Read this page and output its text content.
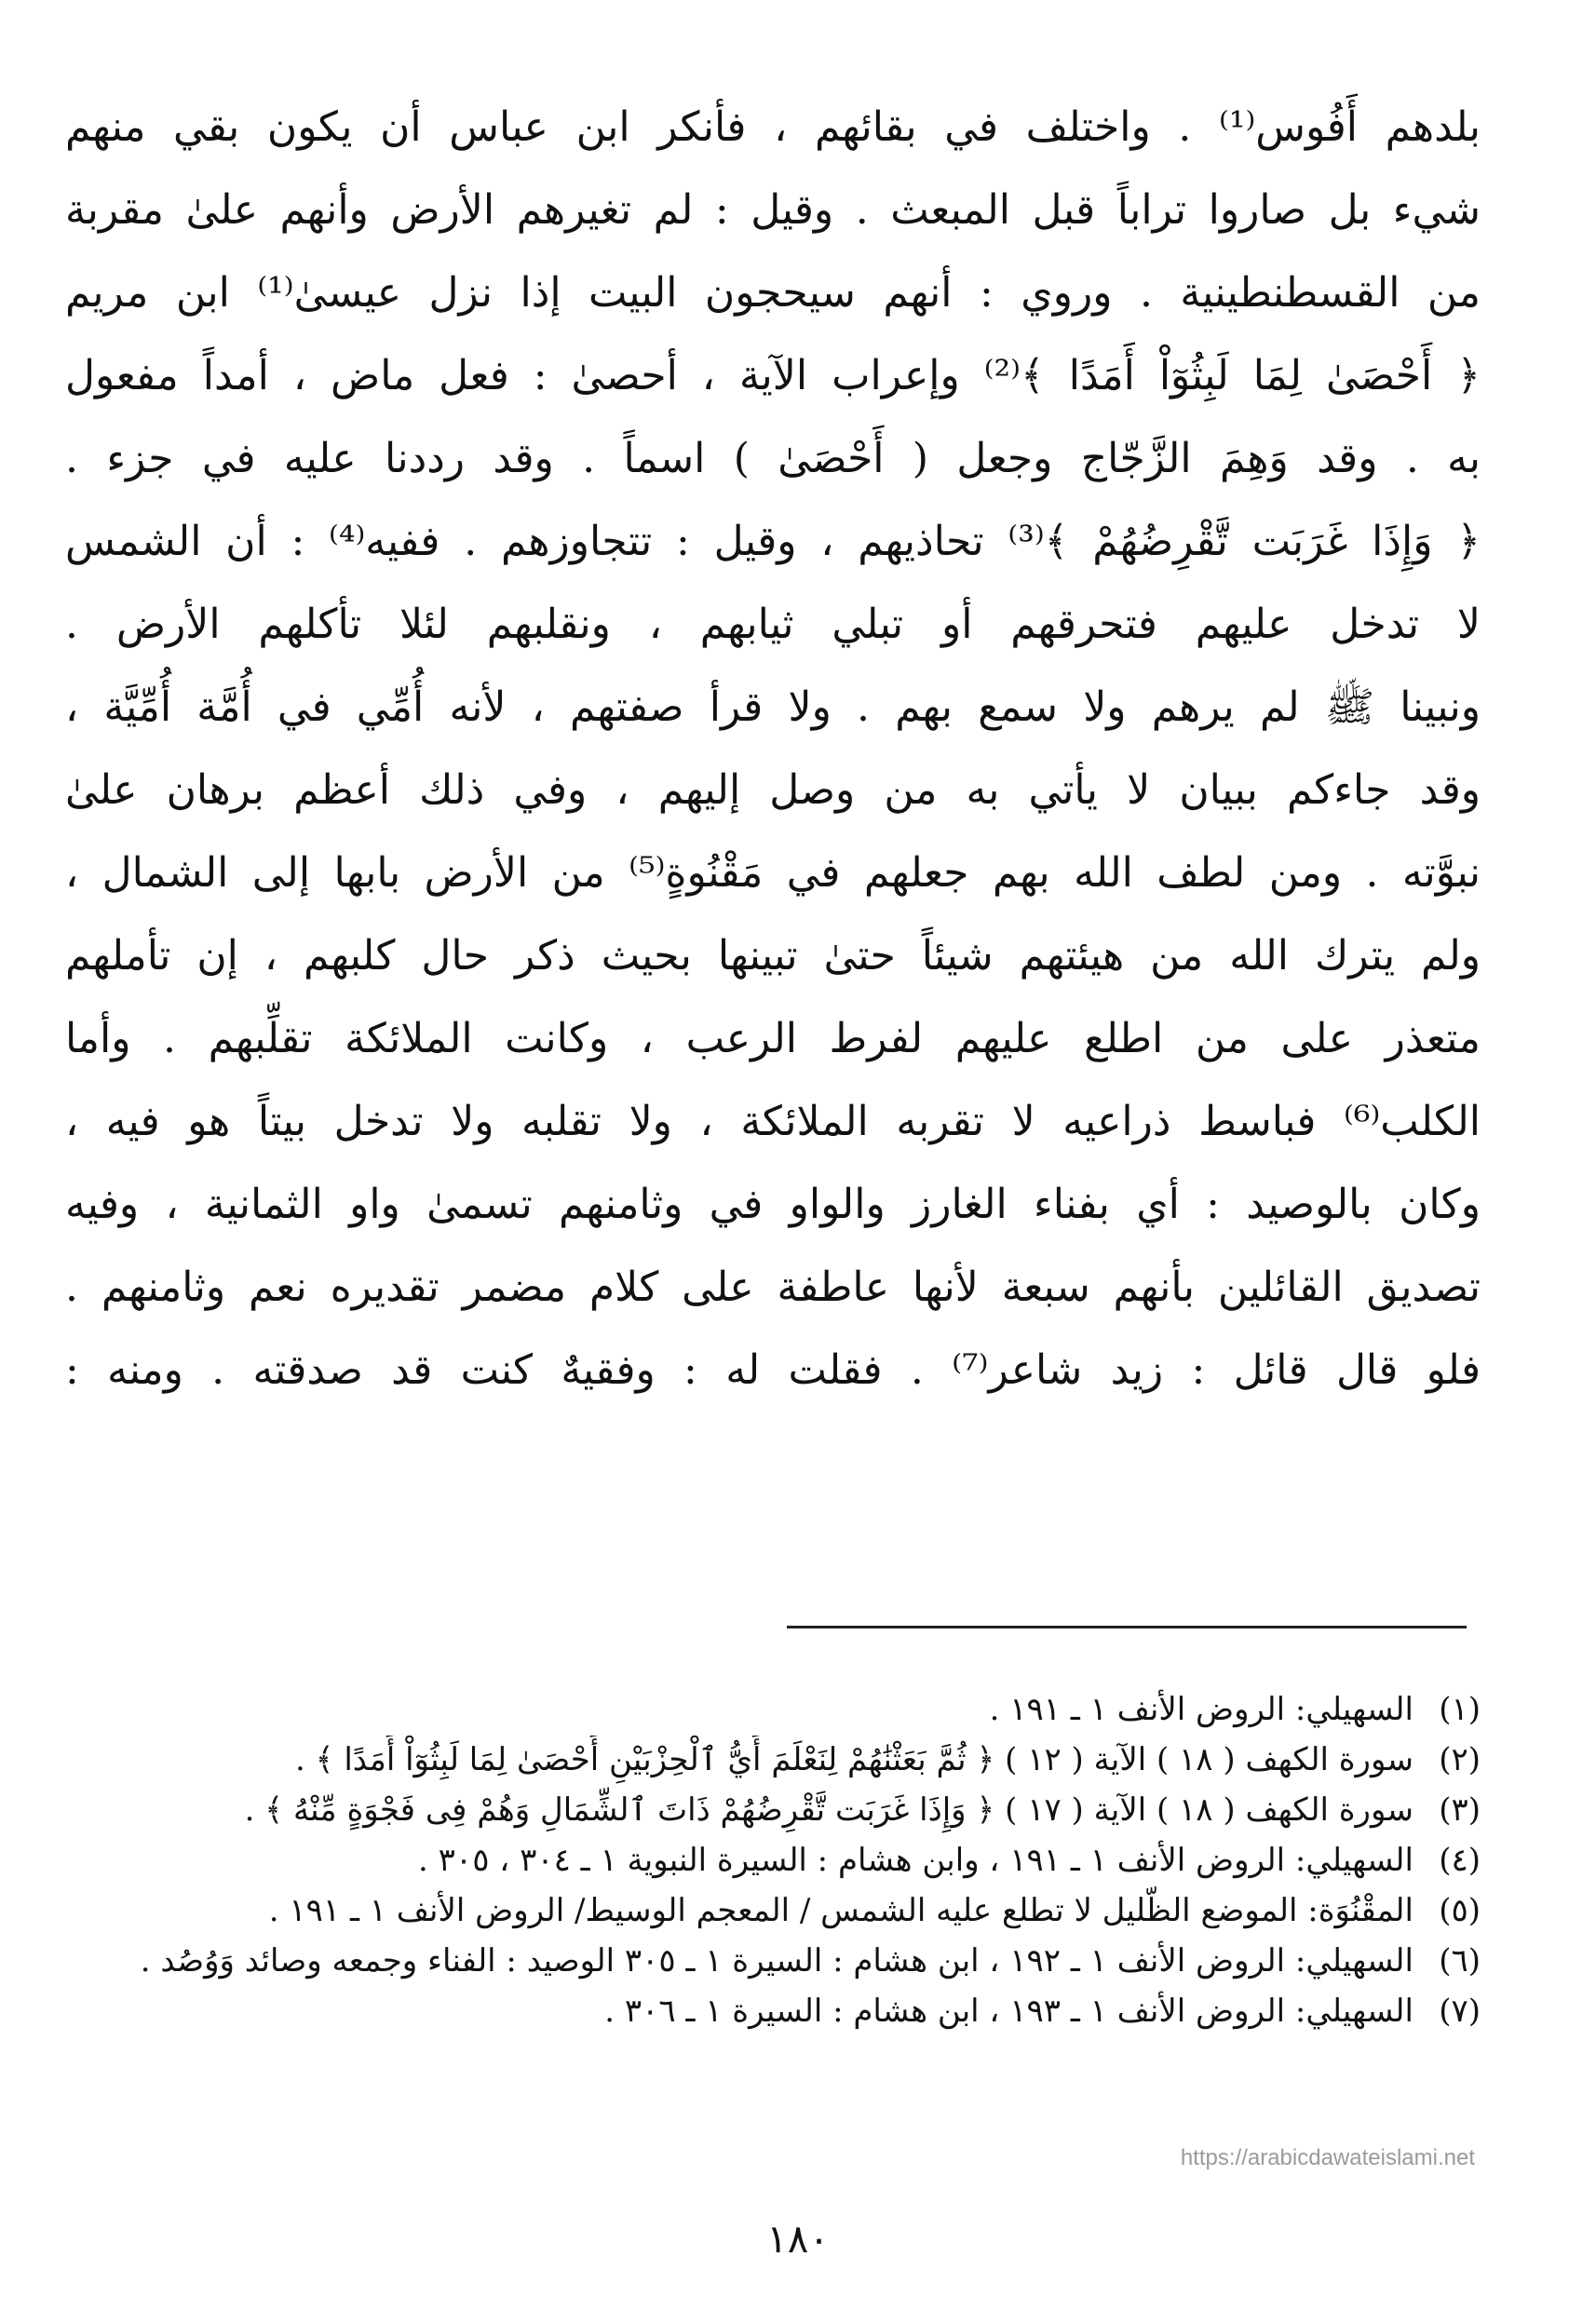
بلدهم أَفُوس⁽¹⁾ . واختلف في بقائهم ، فأنكر ابن عباس أن يكون بقي منهم
شيء بل صاروا تراباً قبل المبعث . وقيل : لم تغيرهم الأرض وأنهم علىٰ مقربة
من القسطنطينية . وروي : أنهم سيحجون البيت إذا نزل عيسىٰ⁽¹⁾ ابن مريم
﴿ أَحْصَىٰ لِمَا لَبِثُوٓاْ أَمَدًا ﴾⁽²⁾ وإعراب الآية ، أحصىٰ : فعل ماض ، أمداً مفعول
به . وقد وَهِمَ الزَّجّاج وجعل ( أَحْصَىٰ ) اسماً . وقد رددنا عليه في جزء .
﴿ وَإِذَا غَرَبَت تَّقْرِضُهُمْ ﴾⁽³⁾ تحاذيهم ، وقيل : تتجاوزهم . ففيه⁽⁴⁾ : أن الشمس
لا تدخل عليهم فتحرقهم أو تبلي ثيابهم ، ونقلبهم لئلا تأكلهم الأرض .
ونبينا ﷺ لم يرهم ولا سمع بهم . ولا قرأ صفتهم ، لأنه أُمِّي في أُمَّة أُمِّيَّة ،
وقد جاءكم ببيان لا يأتي به من وصل إليهم ، وفي ذلك أعظم برهان علىٰ
نبوَّته . ومن لطف الله بهم جعلهم في مَقْنُوةٍ⁽⁵⁾ من الأرض بابها إلى الشمال ،
ولم يترك الله من هيئتهم شيئاً حتىٰ تبينها بحيث ذكر حال كلبهم ، إن تأملهم
متعذر على من اطلع عليهم لفرط الرعب ، وكانت الملائكة تقلِّبهم . وأما
الكلب⁽⁶⁾ فباسط ذراعيه لا تقربه الملائكة ، ولا تقلبه ولا تدخل بيتاً هو فيه ،
وكان بالوصيد : أي بفناء الغارز والواو في وثامنهم تسمىٰ واو الثمانية ، وفيه
تصديق القائلين بأنهم سبعة لأنها عاطفة على كلام مضمر تقديره نعم وثامنهم .
فلو قال قائل : زيد شاعر⁽⁷⁾ . فقلت له : وفقيهٌ كنت قد صدقته . ومنه :
(١)
السهيلي: الروض الأنف ١ ـ ١٩١ .
(٢)
سورة الكهف ( ١٨ ) الآية ( ١٢ ) ﴿ ثُمَّ بَعَثْنَٰهُمْ لِنَعْلَمَ أَيُّ ٱلْحِزْبَيْنِ أَحْصَىٰ لِمَا لَبِثُوٓاْ أَمَدًا ﴾ .
(٣)
سورة الكهف ( ١٨ ) الآية ( ١٧ ) ﴿ وَإِذَا غَرَبَت تَّقْرِضُهُمْ ذَاتَ ٱلشِّمَالِ وَهُمْ فِى فَجْوَةٍ مِّنْهُ ﴾ .
(٤)
السهيلي: الروض الأنف ١ ـ ١٩١ ، وابن هشام : السيرة النبوية ١ ـ ٣٠٤ ، ٣٠٥ .
(٥)
المقْنُوَة: الموضع الظَّليل لا تطلع عليه الشمس / المعجم الوسيط/ الروض الأنف ١ ـ ١٩١ .
(٦)
السهيلي: الروض الأنف ١ ـ ١٩٢ ، ابن هشام : السيرة ١ ـ ٣٠٥ الوصيد : الفناء وجمعه وصائد وَوُصُد .
(٧)
السهيلي: الروض الأنف ١ ـ ١٩٣ ، ابن هشام : السيرة ١ ـ ٣٠٦ .
https://arabicdawateislami.net
١٨٠
